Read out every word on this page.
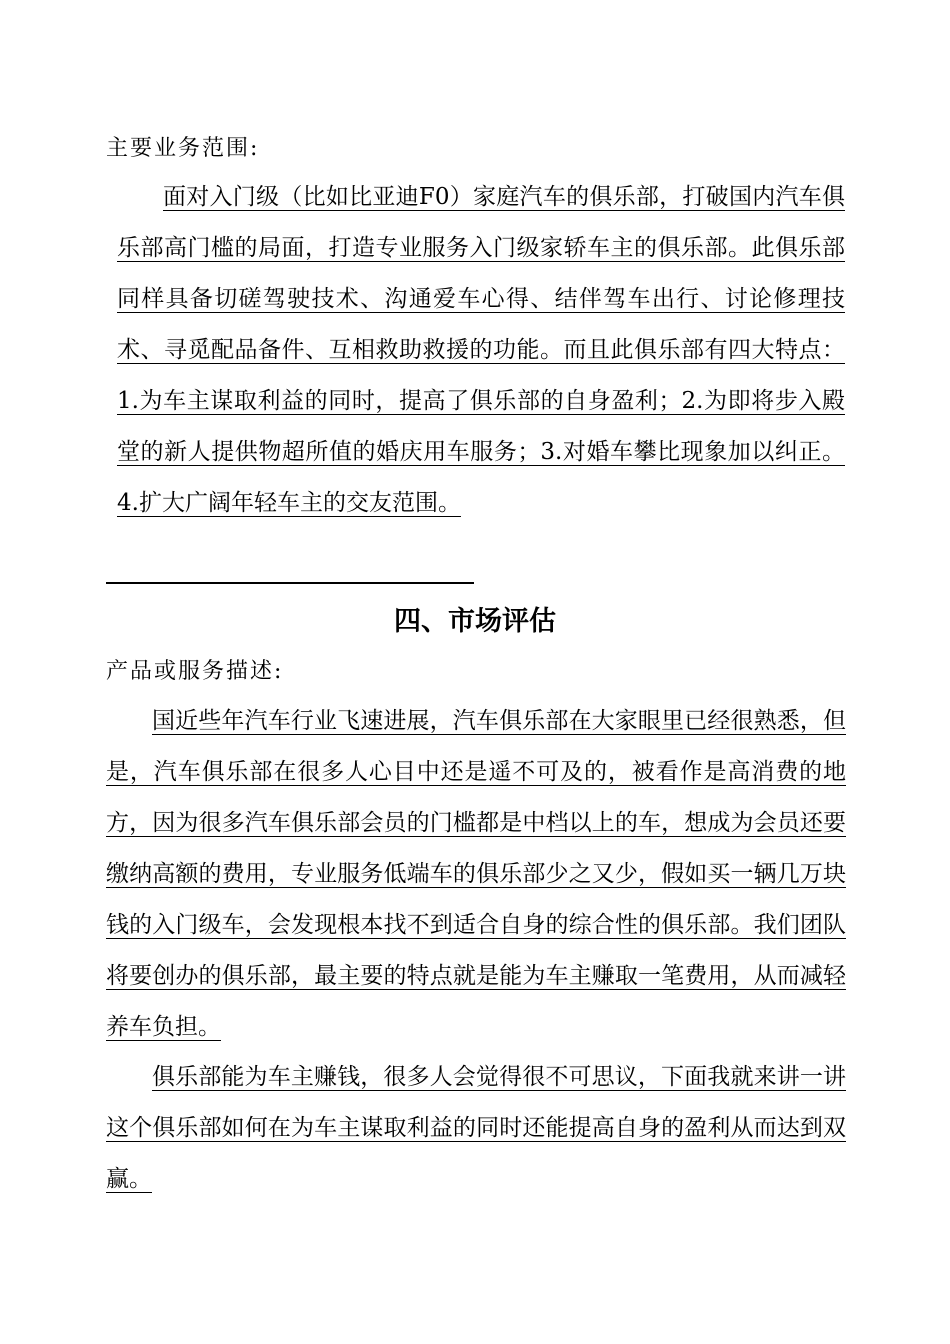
主要业务范围:
面对入门级（比如比亚迪F0）家庭汽车的俱乐部，打破国内汽车俱乐部高门槛的局面，打造专业服务入门级家轿车主的俱乐部。此俱乐部同样具备切磋驾驶技术、沟通爱车心得、结伴驾车出行、讨论修理技术、寻觅配品备件、互相救助救援的功能。而且此俱乐部有四大特点：1.为车主谋取利益的同时，提高了俱乐部的自身盈利；2.为即将步入殿堂的新人提供物超所值的婚庆用车服务；3.对婚车攀比现象加以纠正。4.扩大广阔年轻车主的交友范围。
四、市场评估
产品或服务描述:
国近些年汽车行业飞速进展，汽车俱乐部在大家眼里已经很熟悉，但是，汽车俱乐部在很多人心目中还是遥不可及的，被看作是高消费的地方，因为很多汽车俱乐部会员的门槛都是中档以上的车，想成为会员还要缴纳高额的费用，专业服务低端车的俱乐部少之又少，假如买一辆几万块钱的入门级车，会发现根本找不到适合自身的综合性的俱乐部。我们团队将要创办的俱乐部，最主要的特点就是能为车主赚取一笔费用，从而减轻养车负担。
俱乐部能为车主赚钱，很多人会觉得很不可思议，下面我就来讲一讲这个俱乐部如何在为车主谋取利益的同时还能提高自身的盈利从而达到双赢。
